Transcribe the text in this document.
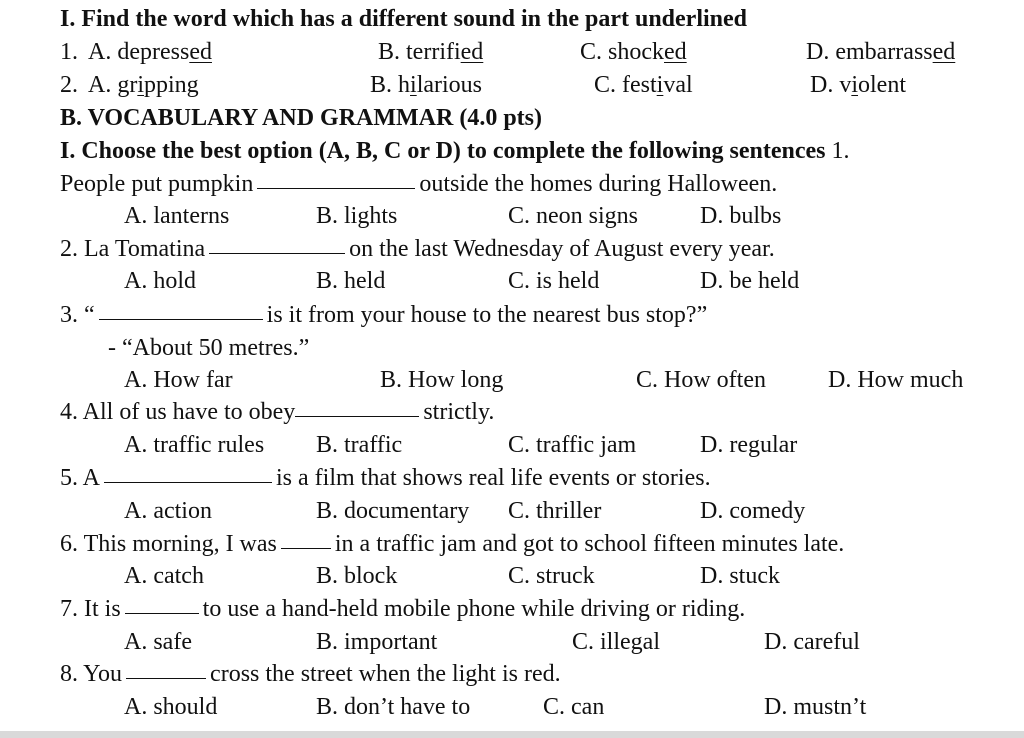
I. Find the word which has a different sound in the part underlined
1. A. depressed	B. terrified	C. shocked	D. embarrassed
2. A. gripping	B. hilarious	C. festival	D. violent
B. VOCABULARY AND GRAMMAR (4.0 pts)
I. Choose the best option (A, B, C or D) to complete the following sentences 1.
People put pumpkin	outside the homes during Halloween.
A. lanterns	B. lights	C. neon signs	D. bulbs
2. La Tomatina	on the last Wednesday of August every year.
A. hold	B. held	C. is held	D. be held
3. “	is it from your house to the nearest bus stop?”
- “About 50 metres.”
A. How far	B. How long	C. How often	D. How much
4. All of us have to obey	strictly.
A. traffic rules B. traffic	C. traffic jam	D. regular
5. A	is a film that shows real life events or stories.
A. action	B. documentary C. thriller	D. comedy
6. This morning, I was in a traffic jam and got to school fifteen minutes late.
A. catch	B. block	C. struck	D. stuck
7. It is	to use a hand-held mobile phone while driving or riding.
A. safe	B. important	C. illegal	D. careful
8. You	cross the street when the light is red.
A. should	B. don’t have to	C. can	D. mustn’t
